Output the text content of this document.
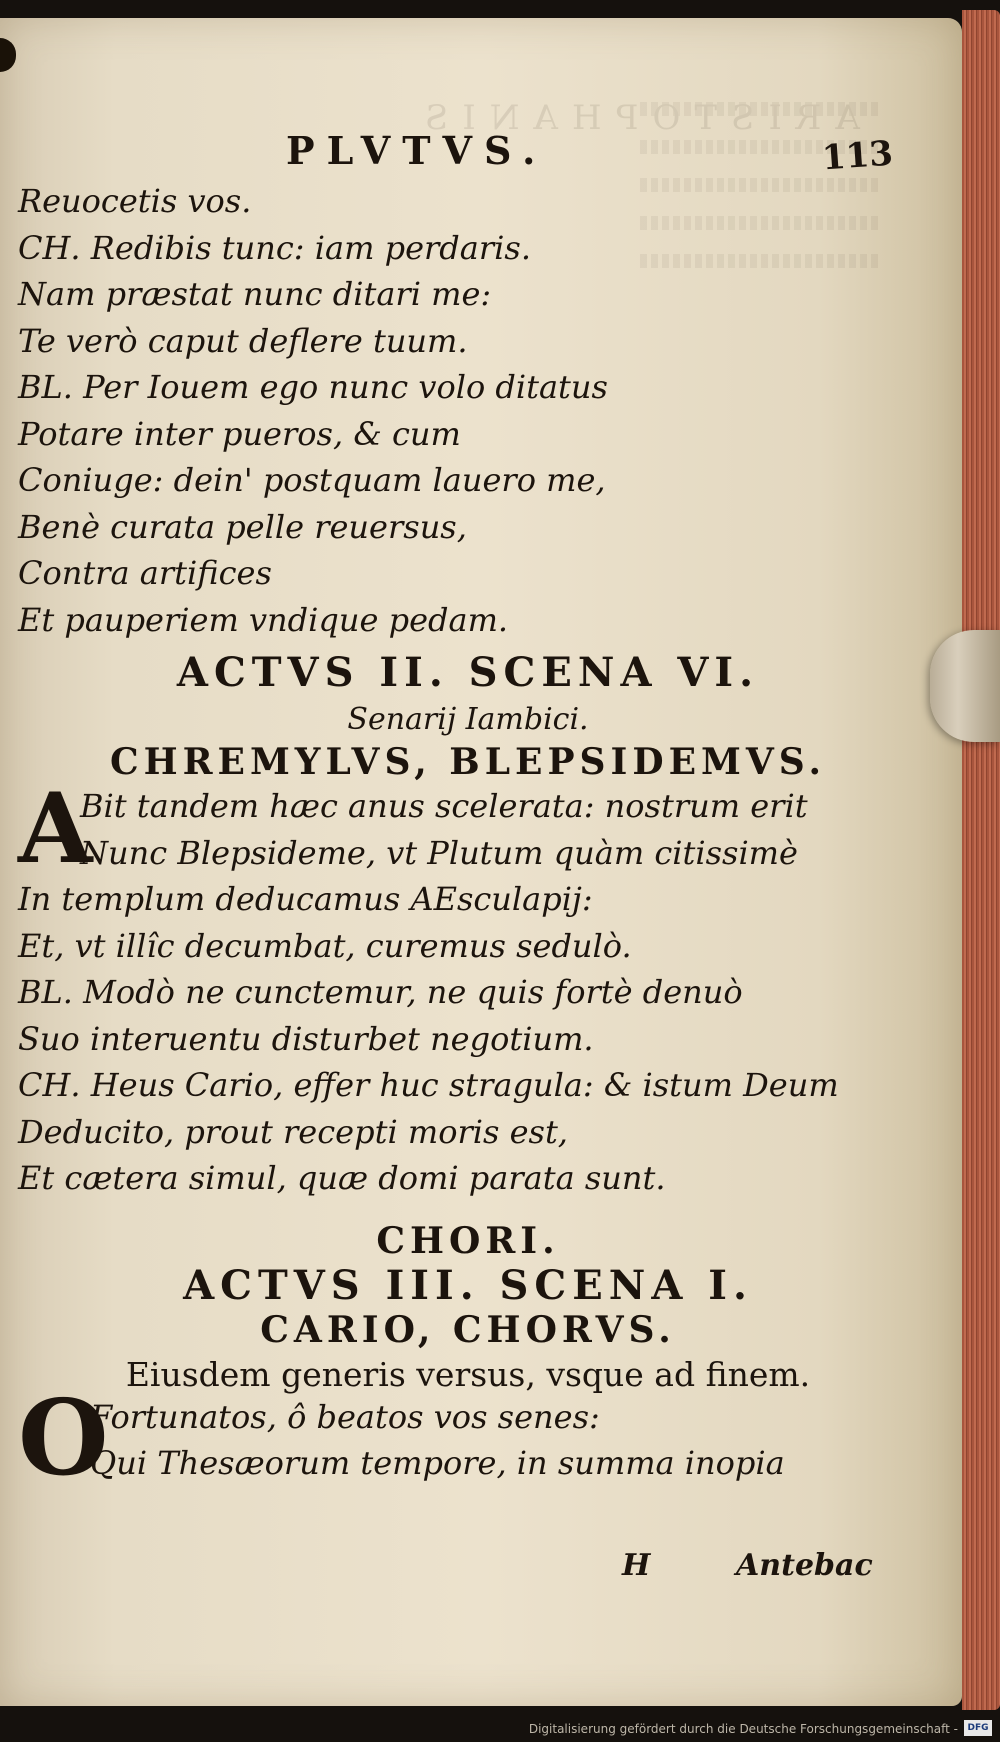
ARISTOPHANIS
PLVTVS.	113
Reuocetis vos.
CH. Redibis tunc: iam perdaris.
Nam præstat nunc ditari me:
Te verò caput deflere tuum.
BL. Per Iouem ego nunc volo ditatus
Potare inter pueros, & cum
Coniuge: dein' postquam lauero me,
Benè curata pelle reuersus,
Contra artifices
Et pauperiem vndique pedam.
ACTVS II. SCENA VI.
Senarij Iambici.
CHREMYLVS, BLEPSIDEMVS.
A
Bit tandem hæc anus scelerata: nostrum erit
Nunc Blepsideme, vt Plutum quàm citissimè
In templum deducamus AEsculapij:
Et, vt illîc decumbat, curemus sedulò.
BL. Modò ne cunctemur, ne quis fortè denuò
Suo interuentu disturbet negotium.
CH. Heus Cario, effer huc stragula: & istum Deum
Deducito, prout recepti moris est,
Et cætera simul, quæ domi parata sunt.
CHORI.
ACTVS III. SCENA I.
CARIO, CHORVS.
Eiusdem generis versus, vsque ad finem.
O
Fortunatos, ô beatos vos senes:
Qui Thesæorum tempore, in summa inopia
H	Antebac
Digitalisierung gefördert durch die Deutsche Forschungsgemeinschaft -	DFG
